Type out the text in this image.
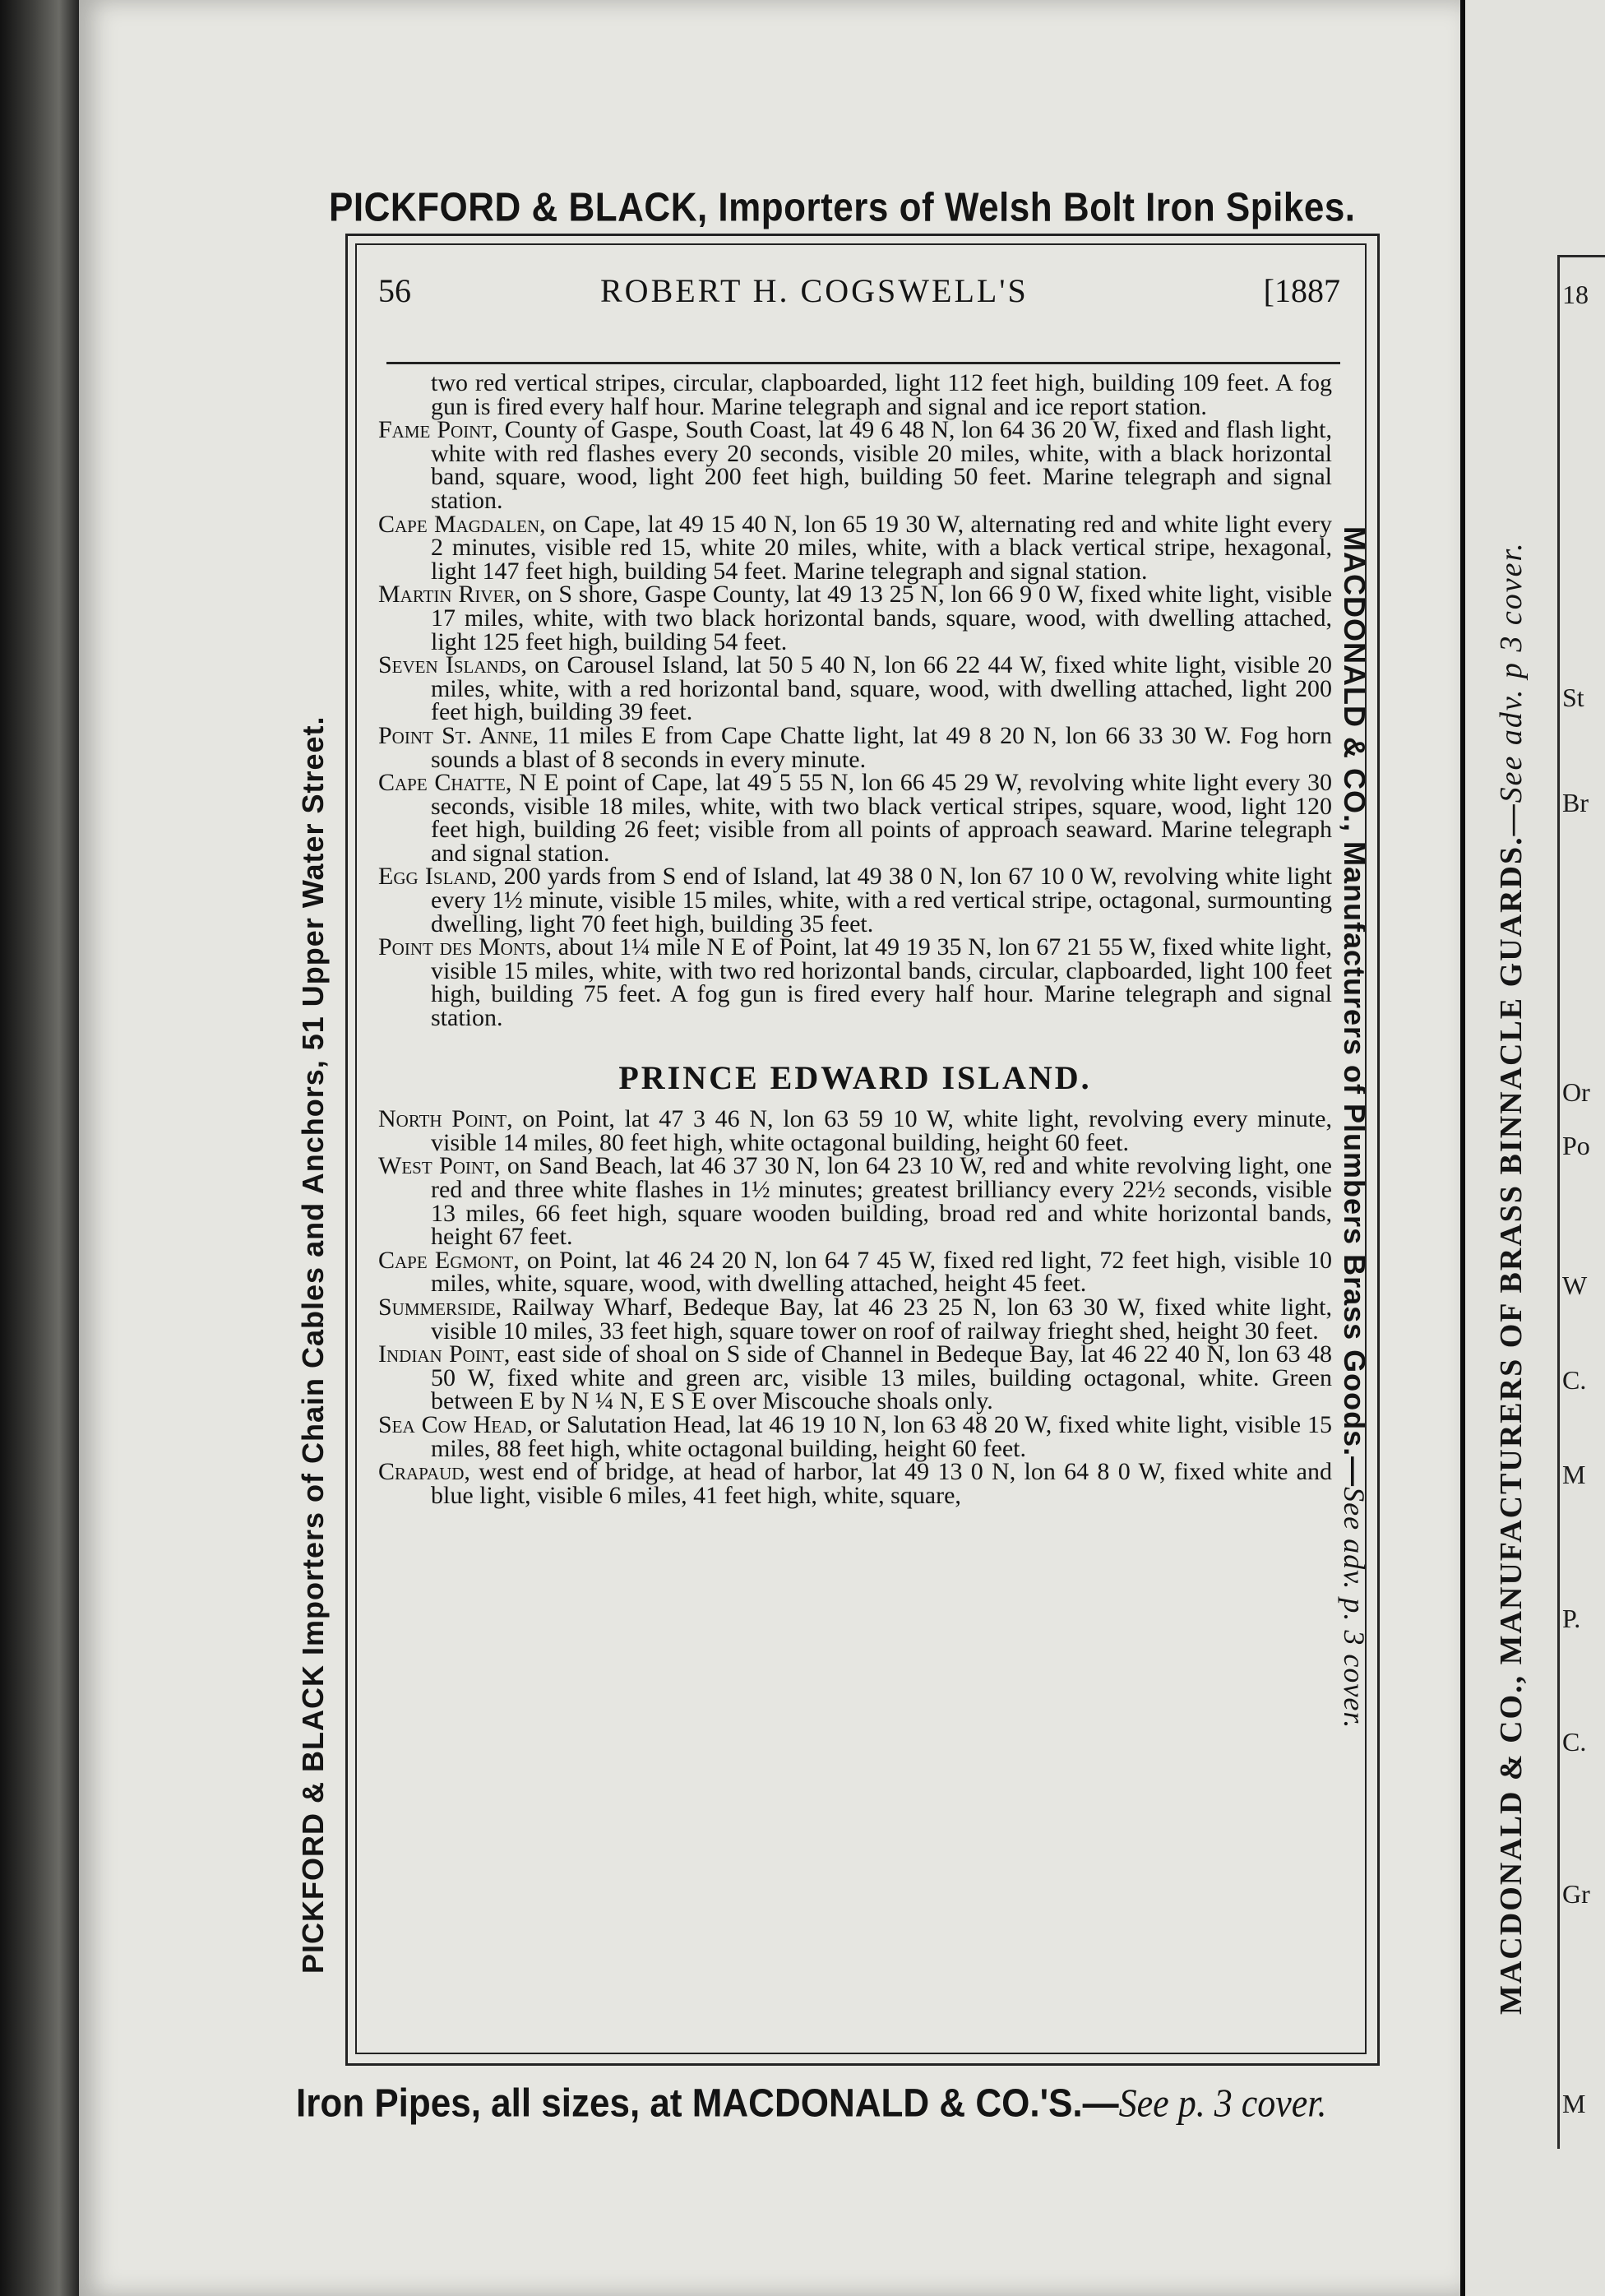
PICKFORD & BLACK, Importers of Welsh Bolt Iron Spikes.
PICKFORD & BLACK Importers of Chain Cables and Anchors, 51 Upper Water Street.	MACDONALD & CO., Manufacturers of Plumbers Brass Goods.—See adv. p. 3 cover.
56	ROBERT H. COGSWELL'S	[1887

two red vertical stripes, circular, clapboarded, light 112 feet high, building 109 feet. A fog gun is fired every half hour. Marine telegraph and signal and ice report station.

Fame Point, County of Gaspe, South Coast, lat 49 6 48 N, lon 64 36 20 W, fixed and flash light, white with red flashes every 20 seconds, visible 20 miles, white, with a black horizontal band, square, wood, light 200 feet high, building 50 feet. Marine telegraph and signal station.

Cape Magdalen, on Cape, lat 49 15 40 N, lon 65 19 30 W, alternating red and white light every 2 minutes, visible red 15, white 20 miles, white, with a black vertical stripe, hexagonal, light 147 feet high, building 54 feet. Marine telegraph and signal station.

Martin River, on S shore, Gaspe County, lat 49 13 25 N, lon 66 9 0 W, fixed white light, visible 17 miles, white, with two black horizontal bands, square, wood, with dwelling attached, light 125 feet high, building 54 feet.

Seven Islands, on Carousel Island, lat 50 5 40 N, lon 66 22 44 W, fixed white light, visible 20 miles, white, with a red horizontal band, square, wood, with dwelling attached, light 200 feet high, building 39 feet.

Point St. Anne, 11 miles E from Cape Chatte light, lat 49 8 20 N, lon 66 33 30 W. Fog horn sounds a blast of 8 seconds in every minute.

Cape Chatte, N E point of Cape, lat 49 5 55 N, lon 66 45 29 W, revolving white light every 30 seconds, visible 18 miles, white, with two black vertical stripes, square, wood, light 120 feet high, building 26 feet; visible from all points of approach seaward. Marine telegraph and signal station.

Egg Island, 200 yards from S end of Island, lat 49 38 0 N, lon 67 10 0 W, revolving white light every 1½ minute, visible 15 miles, white, with a red vertical stripe, octagonal, surmounting dwelling, light 70 feet high, building 35 feet.

Point des Monts, about 1¼ mile N E of Point, lat 49 19 35 N, lon 67 21 55 W, fixed white light, visible 15 miles, white, with two red horizontal bands, circular, clapboarded, light 100 feet high, building 75 feet. A fog gun is fired every half hour. Marine telegraph and signal station.

PRINCE EDWARD ISLAND.

North Point, on Point, lat 47 3 46 N, lon 63 59 10 W, white light, revolving every minute, visible 14 miles, 80 feet high, white octagonal building, height 60 feet.

West Point, on Sand Beach, lat 46 37 30 N, lon 64 23 10 W, red and white revolving light, one red and three white flashes in 1½ minutes; greatest brilliancy every 22½ seconds, visible 13 miles, 66 feet high, square wooden building, broad red and white horizontal bands, height 67 feet.

Cape Egmont, on Point, lat 46 24 20 N, lon 64 7 45 W, fixed red light, 72 feet high, visible 10 miles, white, square, wood, with dwelling attached, height 45 feet.

Summerside, Railway Wharf, Bedeque Bay, lat 46 23 25 N, lon 63 30 W, fixed white light, visible 10 miles, 33 feet high, square tower on roof of railway frieght shed, height 30 feet.

Indian Point, east side of shoal on S side of Channel in Bedeque Bay, lat 46 22 40 N, lon 63 48 50 W, fixed white and green arc, visible 13 miles, building octagonal, white. Green between E by N ¼ N, E S E over Miscouche shoals only.

Sea Cow Head, or Salutation Head, lat 46 19 10 N, lon 63 48 20 W, fixed white light, visible 15 miles, 88 feet high, white octagonal building, height 60 feet.

Crapaud, west end of bridge, at head of harbor, lat 49 13 0 N, lon 64 8 0 W, fixed white and blue light, visible 6 miles, 41 feet high, white, square,

Iron Pipes, all sizes, at MACDONALD & CO.'S.—See p. 3 cover.
18
St
Br
Or
Po
W
C.
M
P.
C.
Gr
M
MACDONALD & CO., MANUFACTURERS OF BRASS BINNACLE GUARDS.—See adv. p 3 cover.
